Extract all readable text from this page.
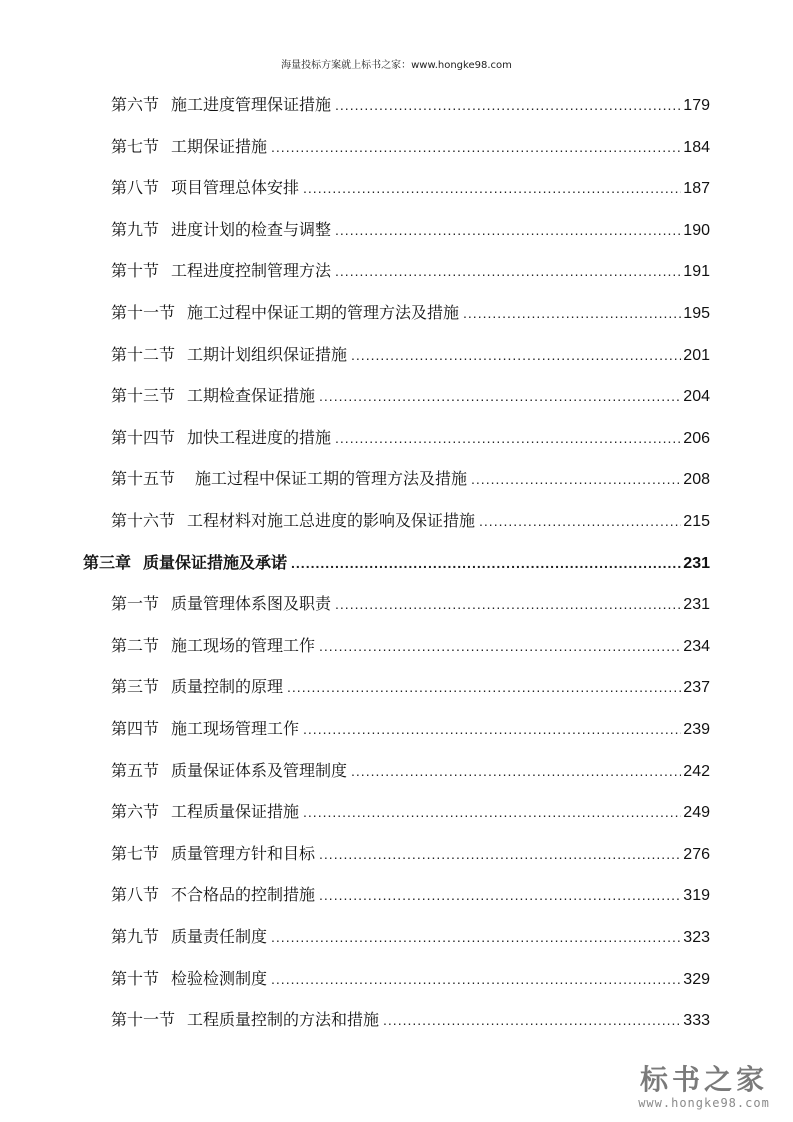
海量投标方案就上标书之家：www.hongke98.com
第六节 施工进度管理保证措施 .....	179
第七节 工期保证措施 .....	184
第八节 项目管理总体安排 .....	187
第九节 进度计划的检查与调整 .....	190
第十节 工程进度控制管理方法 .....	191
第十一节 施工过程中保证工期的管理方法及措施 .....	195
第十二节 工期计划组织保证措施 .....	201
第十三节 工期检查保证措施 .....	204
第十四节 加快工程进度的措施 .....	206
第十五节 施工过程中保证工期的管理方法及措施 .....	208
第十六节 工程材料对施工总进度的影响及保证措施 .....	215
第三章 质量保证措施及承诺 .....	231
第一节 质量管理体系图及职责 .....	231
第二节 施工现场的管理工作 .....	234
第三节 质量控制的原理 .....	237
第四节 施工现场管理工作 .....	239
第五节 质量保证体系及管理制度 .....	242
第六节 工程质量保证措施 .....	249
第七节 质量管理方针和目标 .....	276
第八节 不合格品的控制措施 .....	319
第九节 质量责任制度 .....	323
第十节 检验检测制度 .....	329
第十一节 工程质量控制的方法和措施 .....	333
标书之家
www.hongke98.com
